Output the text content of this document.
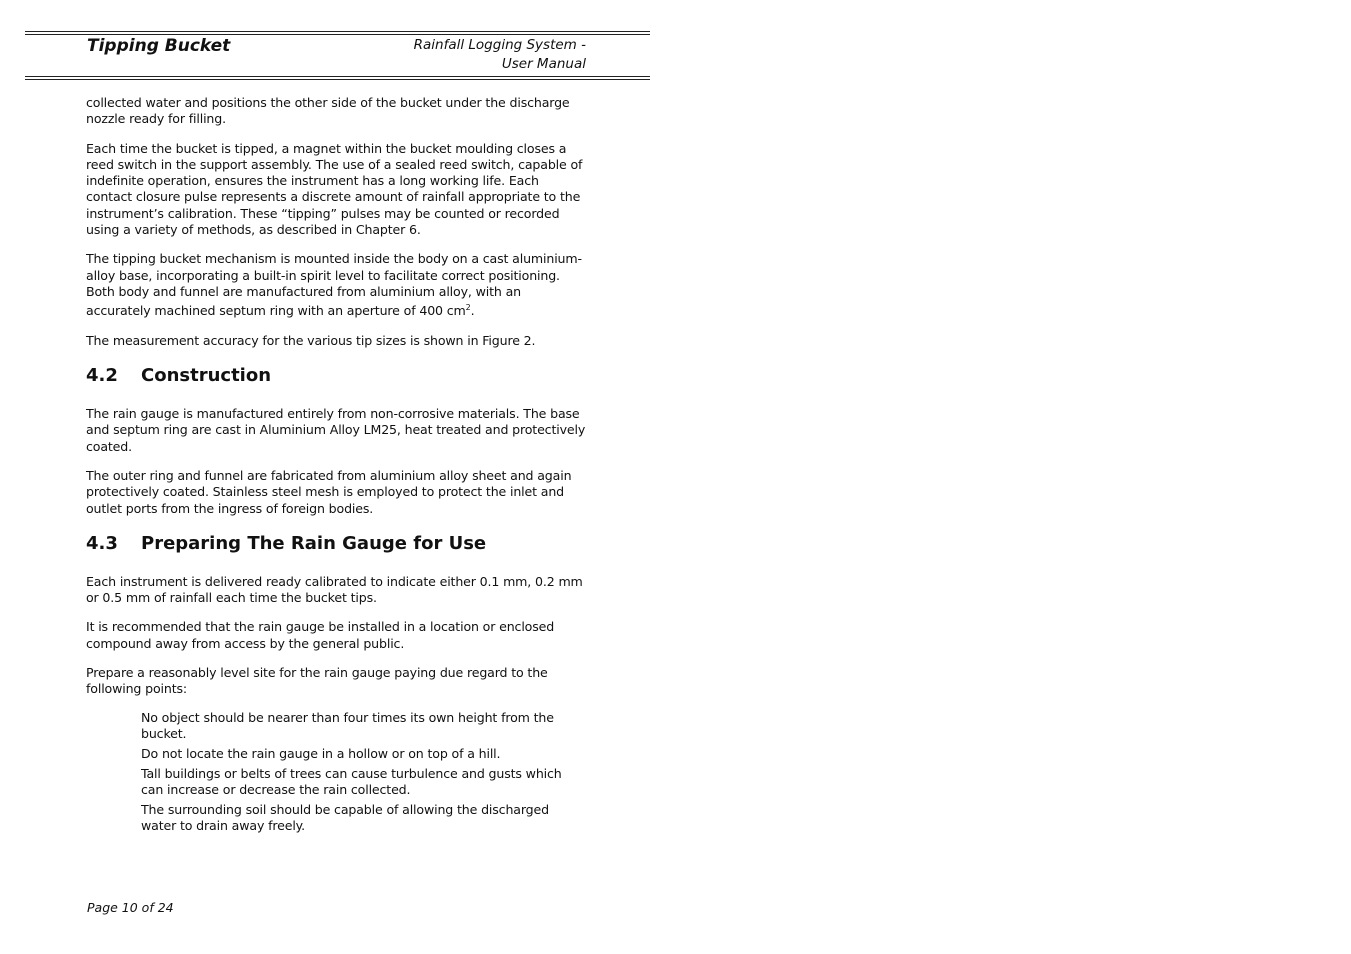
Tipping Bucket	Rainfall Logging System -
User Manual

collected water and positions the other side of the bucket under the discharge nozzle ready for filling.

Each time the bucket is tipped, a magnet within the bucket moulding closes a reed switch in the support assembly. The use of a sealed reed switch, capable of indefinite operation, ensures the instrument has a long working life. Each contact closure pulse represents a discrete amount of rainfall appropriate to the instrument’s calibration. These “tipping” pulses may be counted or recorded using a variety of methods, as described in Chapter 6.

The tipping bucket mechanism is mounted inside the body on a cast aluminium-alloy base, incorporating a built-in spirit level to facilitate correct positioning. Both body and funnel are manufactured from aluminium alloy, with an accurately machined septum ring with an aperture of 400 $cm^2$.

The measurement accuracy for the various tip sizes is shown in Figure 2.

4.2 Construction

The rain gauge is manufactured entirely from non-corrosive materials. The base and septum ring are cast in Aluminium Alloy LM25, heat treated and protectively coated.

The outer ring and funnel are fabricated from aluminium alloy sheet and again protectively coated. Stainless steel mesh is employed to protect the inlet and outlet ports from the ingress of foreign bodies.

4.3 Preparing The Rain Gauge for Use

Each instrument is delivered ready calibrated to indicate either 0.1 mm, 0.2 mm or 0.5 mm of rainfall each time the bucket tips.

It is recommended that the rain gauge be installed in a location or enclosed compound away from access by the general public.

Prepare a reasonably level site for the rain gauge paying due regard to the following points:

No object should be nearer than four times its own height from the bucket.
Do not locate the rain gauge in a hollow or on top of a hill.
Tall buildings or belts of trees can cause turbulence and gusts which can increase or decrease the rain collected.
The surrounding soil should be capable of allowing the discharged water to drain away freely.
Page 10 of 24
